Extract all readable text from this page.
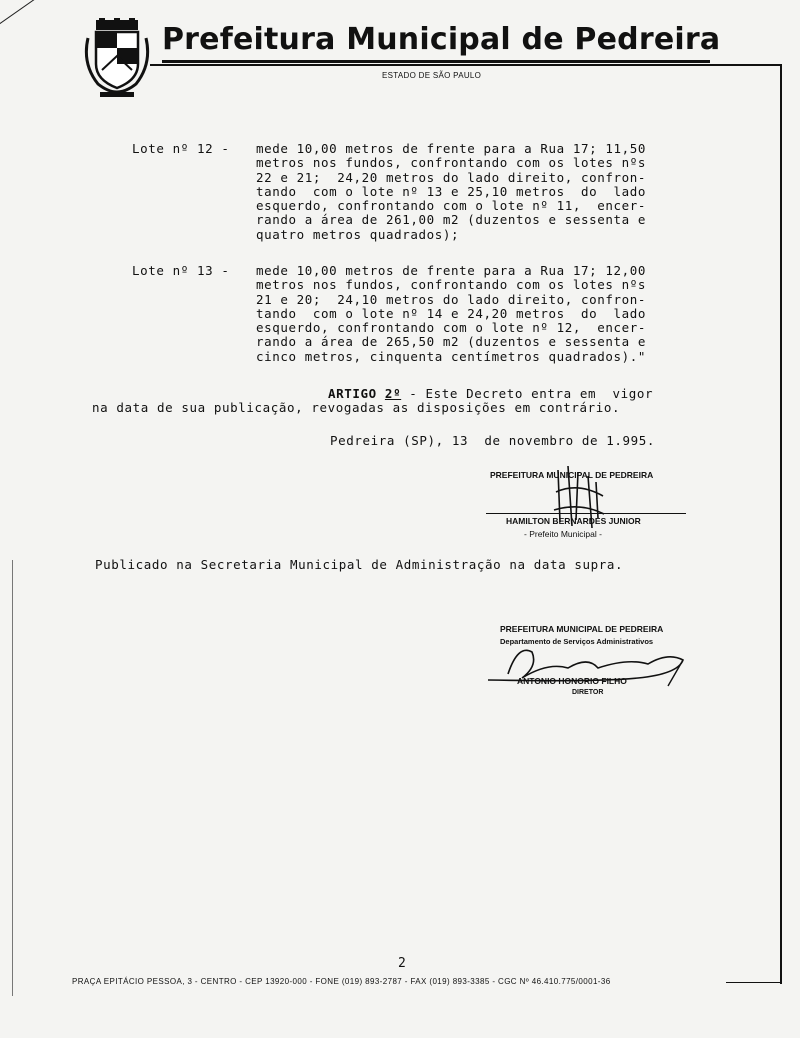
Prefeitura Municipal de Pedreira
ESTADO DE SÃO PAULO
Lote nº 12 - mede 10,00 metros de frente para a Rua 17; 11,50
metros nos fundos, confrontando com os lotes nºs
22 e 21;  24,20 metros do lado direito, confron-
tando  com o lote nº 13 e 25,10 metros  do  lado
esquerdo, confrontando com o lote nº 11,  encer-
rando a área de 261,00 m2 (duzentos e sessenta e
quatro metros quadrados);
Lote nº 13 - mede 10,00 metros de frente para a Rua 17; 12,00
metros nos fundos, confrontando com os lotes nºs
21 e 20;  24,10 metros do lado direito, confron-
tando  com o lote nº 14 e 24,20 metros  do  lado
esquerdo, confrontando com o lote nº 12,  encer-
rando a área de 265,50 m2 (duzentos e sessenta e
cinco metros, cinquenta centímetros quadrados)."
ARTIGO 2º - Este Decreto entra em  vigor
na data de sua publicação, revogadas as disposições em contrário.
Pedreira (SP), 13  de novembro de 1.995.
PREFEITURA MUNICIPAL DE PEDREIRA
HAMILTON BERNARDES JUNIOR
- Prefeito Municipal -
Publicado na Secretaria Municipal de Administração na data supra.
PREFEITURA MUNICIPAL DE PEDREIRA
Departamento de Serviços Administrativos
ANTONIO HONORIO FILHO
DIRETOR
2
PRAÇA EPITÁCIO PESSOA, 3 - CENTRO - CEP 13920-000 - FONE (019) 893-2787 - FAX (019) 893-3385 - CGC Nº 46.410.775/0001-36
